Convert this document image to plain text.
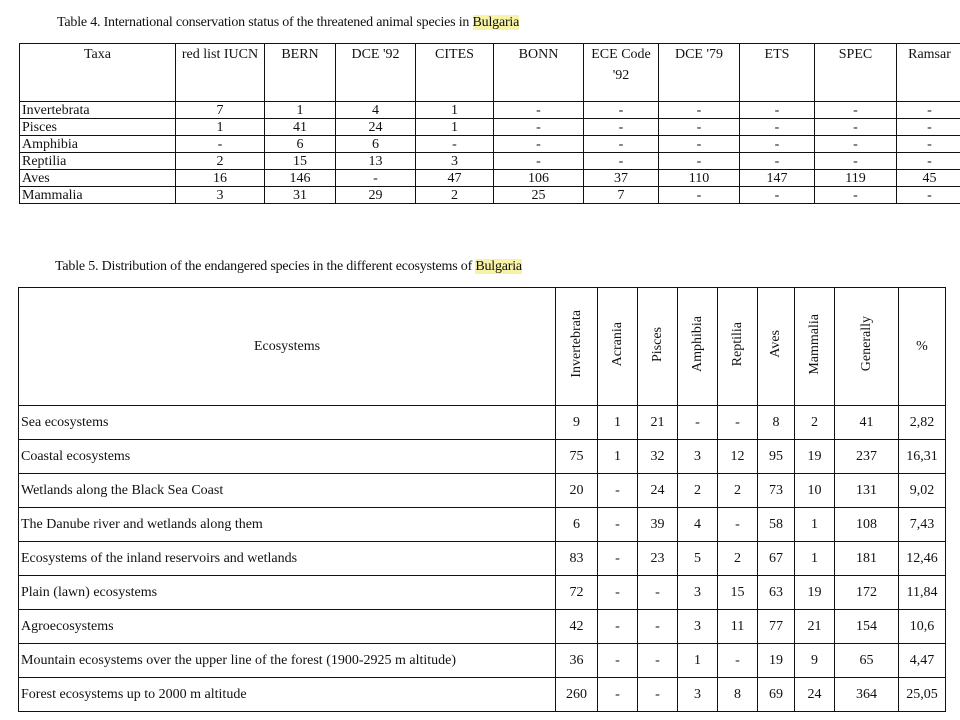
Table 4. International conservation status of the threatened animal species in Bulgaria
Taxa	red list IUCN	BERN	DCE '92	CITES	BONN	ECE Code '92	DCE '79	ETS	SPEC	Ramsar
Invertebrata	7	1	4	1	-	-	-	-	-	-
Pisces	1	41	24	1	-	-	-	-	-	-
Amphibia	-	6	6	-	-	-	-	-	-	-
Reptilia	2	15	13	3	-	-	-	-	-	-
Aves	16	146	-	47	106	37	110	147	119	45
Mammalia	3	31	29	2	25	7	-	-	-	-
Table 5. Distribution of the endangered species in the different ecosystems of Bulgaria
Ecosystems	Invertebrata	Acrania	Pisces	Amphibia	Reptilia	Aves	Mammalia	Generally	%
Sea ecosystems	9	1	21	-	-	8	2	41	2,82
Coastal ecosystems	75	1	32	3	12	95	19	237	16,31
Wetlands along the Black Sea Coast	20	-	24	2	2	73	10	131	9,02
The Danube river and wetlands along them	6	-	39	4	-	58	1	108	7,43
Ecosystems of the inland reservoirs and wetlands	83	-	23	5	2	67	1	181	12,46
Plain (lawn) ecosystems	72	-	-	3	15	63	19	172	11,84
Agroecosystems	42	-	-	3	11	77	21	154	10,6
Mountain ecosystems over the upper line of the forest (1900-2925 m altitude)	36	-	-	1	-	19	9	65	4,47
Forest ecosystems up to 2000 m altitude	260	-	-	3	8	69	24	364	25,05
